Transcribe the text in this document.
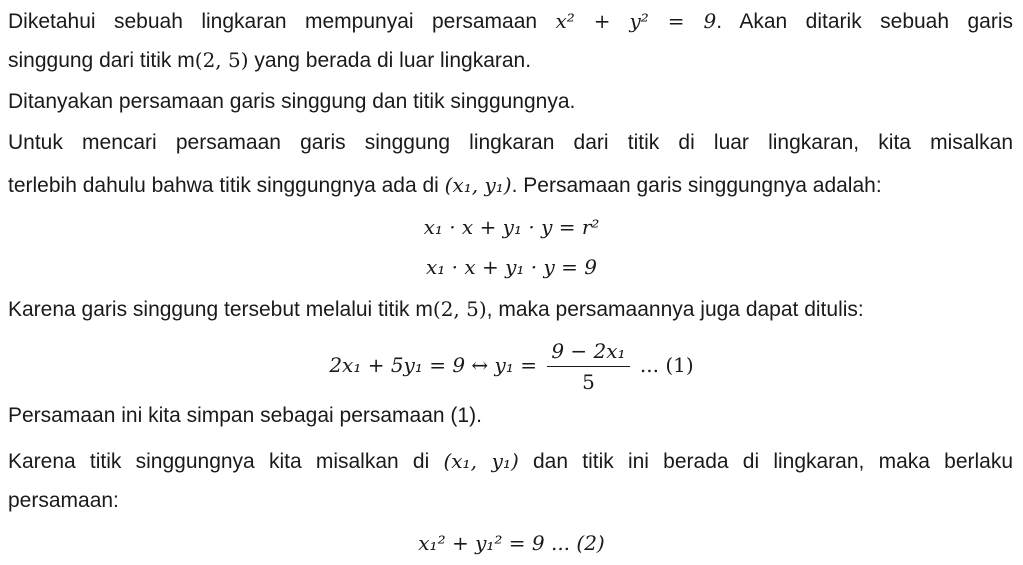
Diketahui sebuah lingkaran mempunyai persamaan x² + y² = 9. Akan ditarik sebuah garis
singgung dari titik m(2, 5) yang berada di luar lingkaran.
Ditanyakan persamaan garis singgung dan titik singgungnya.
Untuk mencari persamaan garis singgung lingkaran dari titik di luar lingkaran, kita misalkan
terlebih dahulu bahwa titik singgungnya ada di (x₁, y₁). Persamaan garis singgungnya adalah:
x₁ · x + y₁ · y = r²
x₁ · x + y₁ · y = 9
Karena garis singgung tersebut melalui titik m(2, 5), maka persamaannya juga dapat ditulis:
2x₁ + 5y₁ = 9 ↔ $y_1 = \frac{\text{9 − 2x₁}}{5}$ ... (1)
Persamaan ini kita simpan sebagai persamaan (1).
Karena titik singgungnya kita misalkan di (x₁, y₁) dan titik ini berada di lingkaran, maka berlaku
persamaan:
x₁² + y₁² = 9 ... (2)
